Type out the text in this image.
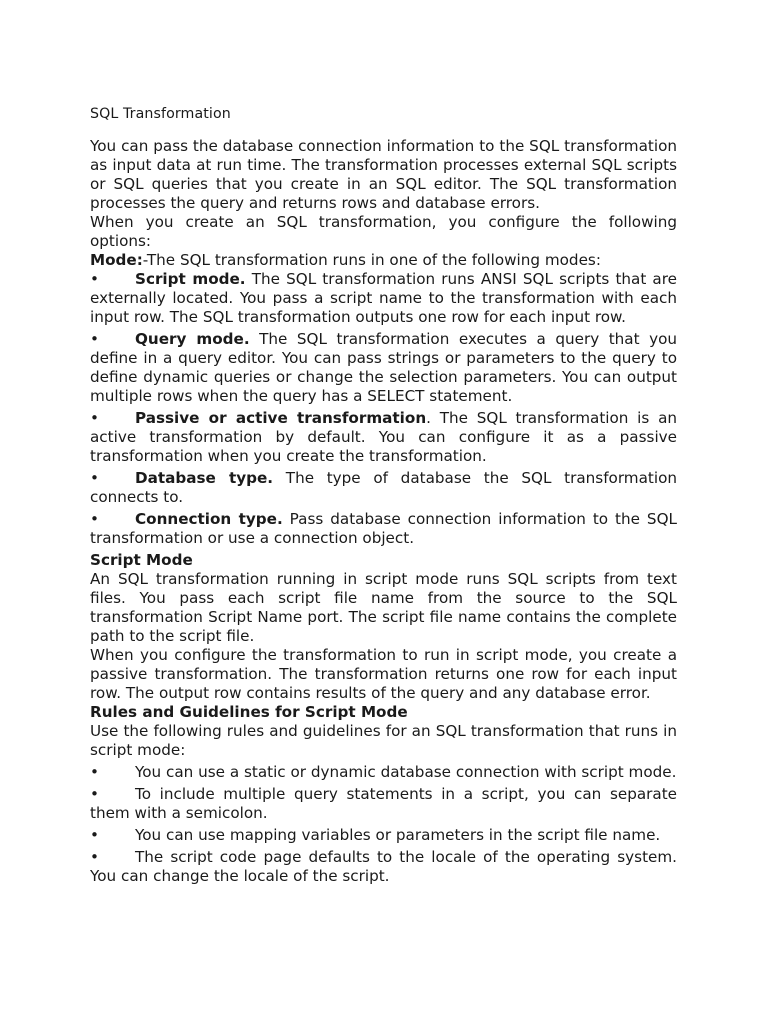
SQL Transformation

You can pass the database connection information to the SQL transformation as input data at run time. The transformation processes external SQL scripts or SQL queries that you create in an SQL editor. The SQL transformation processes the query and returns rows and database errors.

When you create an SQL transformation, you configure the following options:

Mode:-The SQL transformation runs in one of the following modes:

• Script mode. The SQL transformation runs ANSI SQL scripts that are externally located. You pass a script name to the transformation with each input row. The SQL transformation outputs one row for each input row.
• Query mode. The SQL transformation executes a query that you define in a query editor. You can pass strings or parameters to the query to define dynamic queries or change the selection parameters. You can output multiple rows when the query has a SELECT statement.
• Passive or active transformation. The SQL transformation is an active transformation by default. You can configure it as a passive transformation when you create the transformation.
• Database type. The type of database the SQL transformation connects to.
• Connection type. Pass database connection information to the SQL transformation or use a connection object.

Script Mode

An SQL transformation running in script mode runs SQL scripts from text files. You pass each script file name from the source to the SQL transformation Script Name port. The script file name contains the complete path to the script file.

When you configure the transformation to run in script mode, you create a passive transformation. The transformation returns one row for each input row. The output row contains results of the query and any database error.

Rules and Guidelines for Script Mode

Use the following rules and guidelines for an SQL transformation that runs in script mode:

• You can use a static or dynamic database connection with script mode.
• To include multiple query statements in a script, you can separate them with a semicolon.
• You can use mapping variables or parameters in the script file name.
• The script code page defaults to the locale of the operating system. You can change the locale of the script.
